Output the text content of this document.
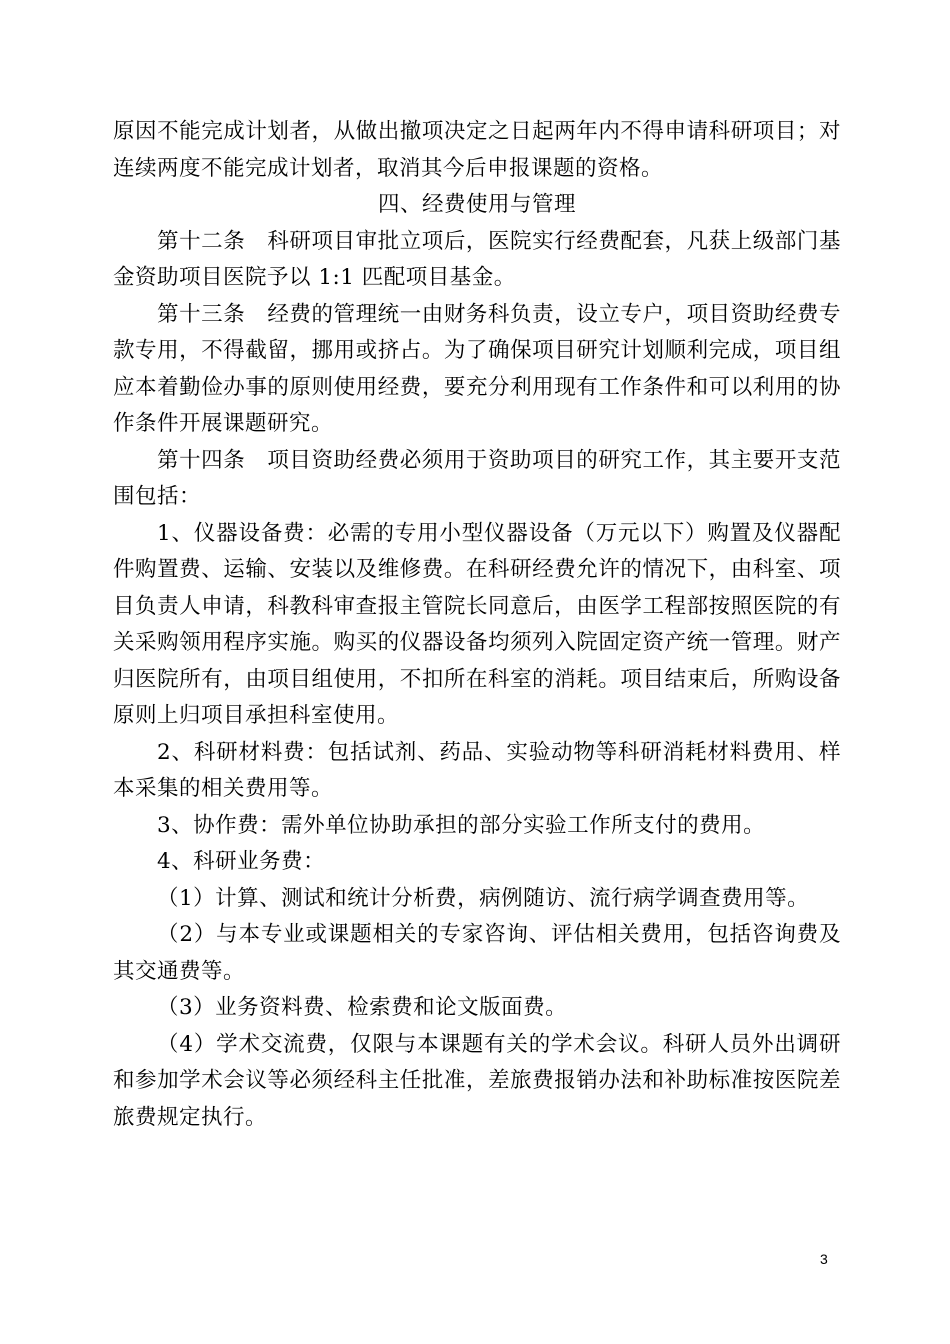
原因不能完成计划者，从做出撤项决定之日起两年内不得申请科研项目；对连续两度不能完成计划者，取消其今后申报课题的资格。

四、经费使用与管理

第十二条　科研项目审批立项后，医院实行经费配套，凡获上级部门基金资助项目医院予以 1:1 匹配项目基金。

第十三条　经费的管理统一由财务科负责，设立专户，项目资助经费专款专用，不得截留，挪用或挤占。为了确保项目研究计划顺利完成，项目组应本着勤俭办事的原则使用经费，要充分利用现有工作条件和可以利用的协作条件开展课题研究。

第十四条　项目资助经费必须用于资助项目的研究工作，其主要开支范围包括：

1、仪器设备费：必需的专用小型仪器设备（万元以下）购置及仪器配件购置费、运输、安装以及维修费。在科研经费允许的情况下，由科室、项目负责人申请，科教科审查报主管院长同意后，由医学工程部按照医院的有关采购领用程序实施。购买的仪器设备均须列入院固定资产统一管理。财产归医院所有，由项目组使用，不扣所在科室的消耗。项目结束后，所购设备原则上归项目承担科室使用。

2、科研材料费：包括试剂、药品、实验动物等科研消耗材料费用、样本采集的相关费用等。

3、协作费：需外单位协助承担的部分实验工作所支付的费用。

4、科研业务费：

（1）计算、测试和统计分析费，病例随访、流行病学调查费用等。

（2）与本专业或课题相关的专家咨询、评估相关费用，包括咨询费及其交通费等。

（3）业务资料费、检索费和论文版面费。

（4）学术交流费，仅限与本课题有关的学术会议。科研人员外出调研和参加学术会议等必须经科主任批准，差旅费报销办法和补助标准按医院差旅费规定执行。

3
